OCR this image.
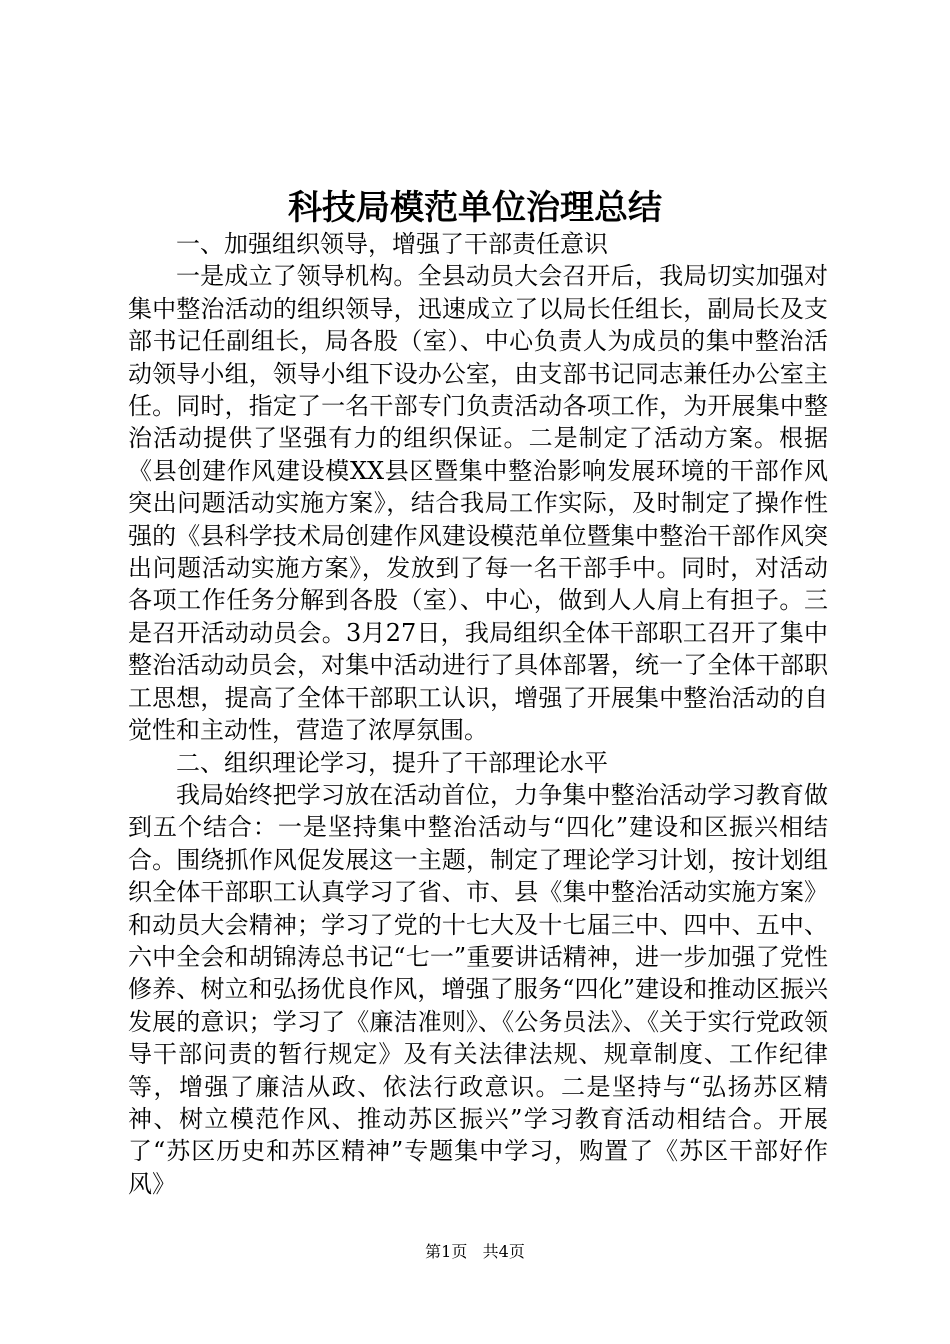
科技局模范单位治理总结

一、加强组织领导，增强了干部责任意识

一是成立了领导机构。全县动员大会召开后，我局切实加强对集中整治活动的组织领导，迅速成立了以局长任组长，副局长及支部书记任副组长，局各股（室）、中心负责人为成员的集中整治活动领导小组，领导小组下设办公室，由支部书记同志兼任办公室主任。同时，指定了一名干部专门负责活动各项工作，为开展集中整治活动提供了坚强有力的组织保证。二是制定了活动方案。根据《县创建作风建设模XX县区暨集中整治影响发展环境的干部作风突出问题活动实施方案》，结合我局工作实际，及时制定了操作性强的《县科学技术局创建作风建设模范单位暨集中整治干部作风突出问题活动实施方案》，发放到了每一名干部手中。同时，对活动各项工作任务分解到各股（室）、中心，做到人人肩上有担子。三是召开活动动员会。3月27日，我局组织全体干部职工召开了集中整治活动动员会，对集中活动进行了具体部署，统一了全体干部职工思想，提高了全体干部职工认识，增强了开展集中整治活动的自觉性和主动性，营造了浓厚氛围。

二、组织理论学习，提升了干部理论水平

我局始终把学习放在活动首位，力争集中整治活动学习教育做到五个结合：一是坚持集中整治活动与“四化”建设和区振兴相结合。围绕抓作风促发展这一主题，制定了理论学习计划，按计划组织全体干部职工认真学习了省、市、县《集中整治活动实施方案》和动员大会精神；学习了党的十七大及十七届三中、四中、五中、六中全会和胡锦涛总书记“七一”重要讲话精神，进一步加强了党性修养、树立和弘扬优良作风，增强了服务“四化”建设和推动区振兴发展的意识；学习了《廉洁准则》、《公务员法》、《关于实行党政领导干部问责的暂行规定》及有关法律法规、规章制度、工作纪律等，增强了廉洁从政、依法行政意识。二是坚持与“弘扬苏区精神、树立模范作风、推动苏区振兴”学习教育活动相结合。开展了“苏区历史和苏区精神”专题集中学习，购置了《苏区干部好作风》

第1页 共4页
